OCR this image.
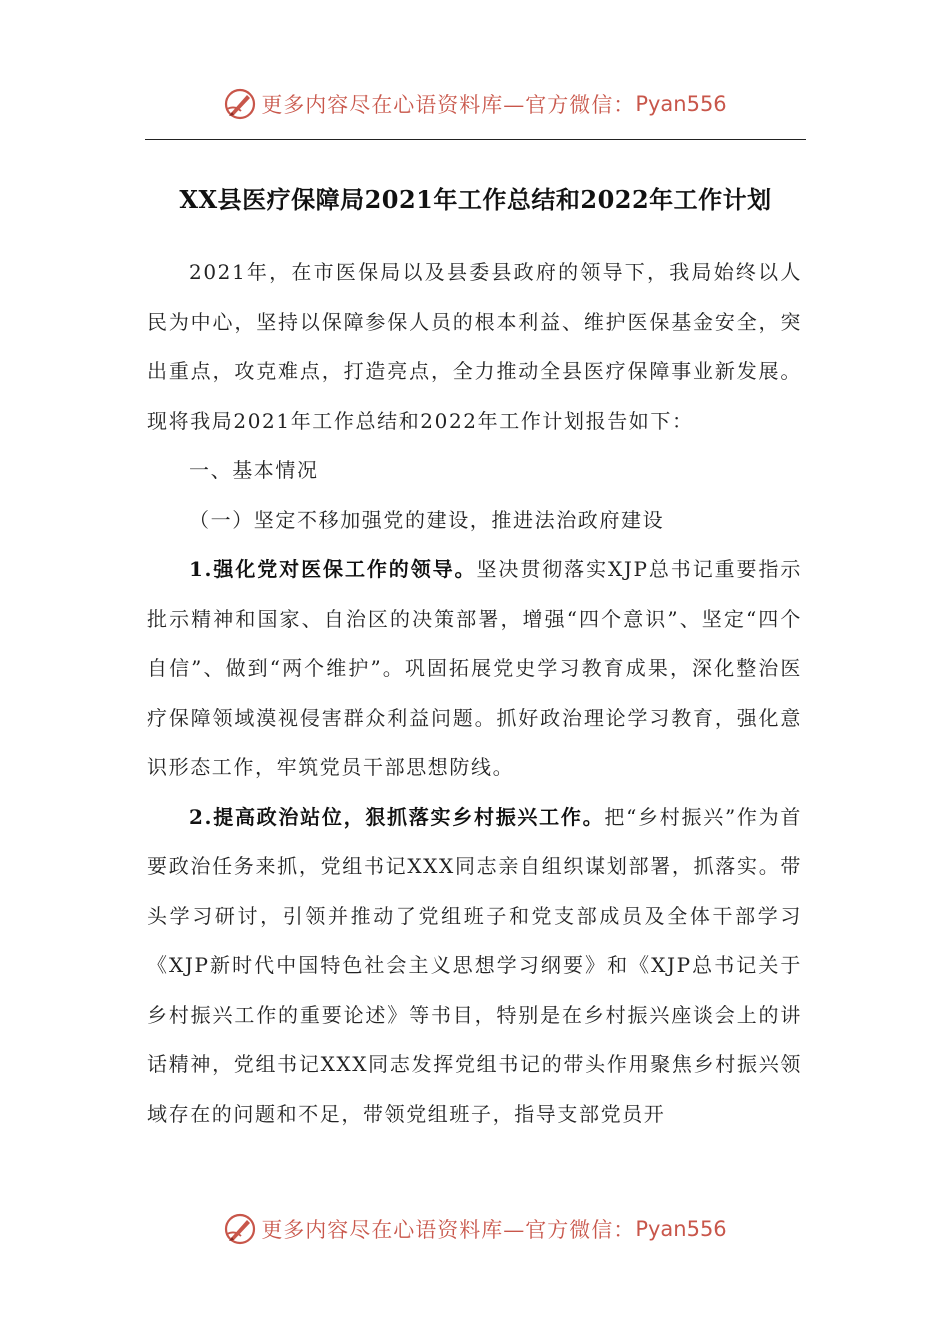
更多内容尽在心语资料库—官方微信： Pyan556
XX县医疗保障局2021年工作总结和2022年工作计划

2021年，在市医保局以及县委县政府的领导下，我局始终以人民为中心，坚持以保障参保人员的根本利益、维护医保基金安全，突出重点，攻克难点，打造亮点，全力推动全县医疗保障事业新发展。现将我局2021年工作总结和2022年工作计划报告如下：

一、基本情况

（一）坚定不移加强党的建设，推进法治政府建设

1.强化党对医保工作的领导。坚决贯彻落实XJP总书记重要指示批示精神和国家、自治区的决策部署，增强“四个意识”、坚定“四个自信”、做到“两个维护”。巩固拓展党史学习教育成果，深化整治医疗保障领域漠视侵害群众利益问题。抓好政治理论学习教育，强化意识形态工作，牢筑党员干部思想防线。

2.提高政治站位，狠抓落实乡村振兴工作。把“乡村振兴”作为首要政治任务来抓，党组书记XXX同志亲自组织谋划部署，抓落实。带头学习研讨，引领并推动了党组班子和党支部成员及全体干部学习《XJP新时代中国特色社会主义思想学习纲要》和《XJP总书记关于乡村振兴工作的重要论述》等书目，特别是在乡村振兴座谈会上的讲话精神，党组书记XXX同志发挥党组书记的带头作用聚焦乡村振兴领域存在的问题和不足，带领党组班子，指导支部党员开

更多内容尽在心语资料库—官方微信： Pyan556
